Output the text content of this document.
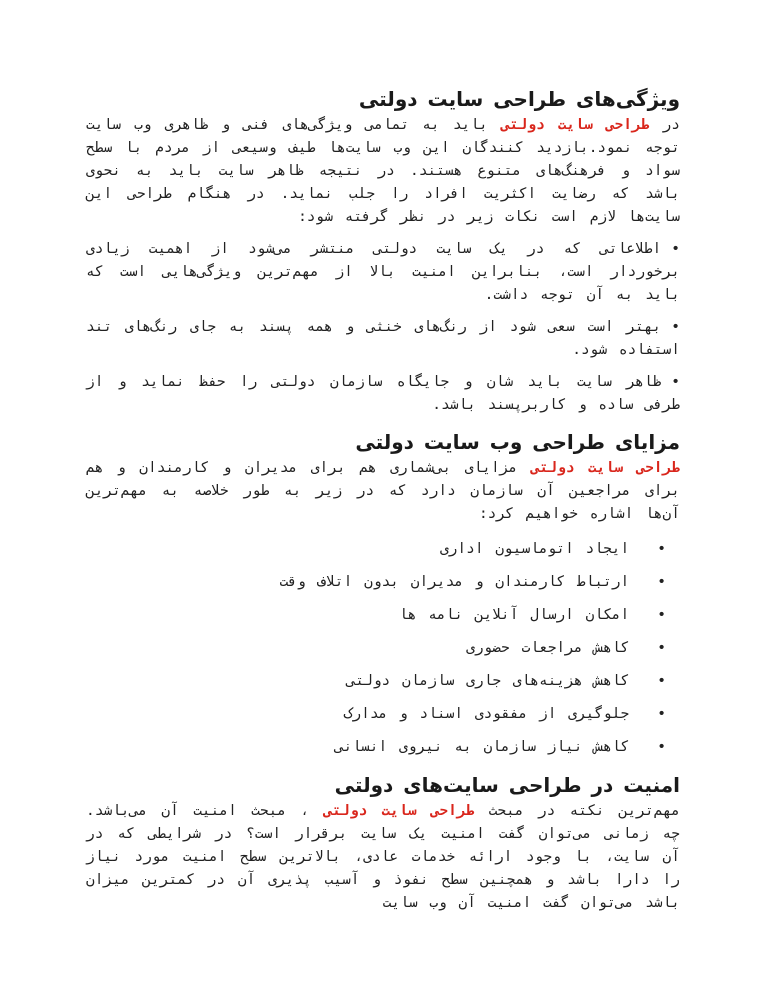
ویژگی‌های طراحی سایت دولتی

در طراحی سایت دولتی باید به تمامی ویژگی‌های فنی و ظاهری وب سایت توجه نمود.بازدید کنندگان این وب سایت‌ها طیف وسیعی از مردم با سطح سواد و فرهنگ‌های متنوع هستند. در نتیجه ظاهر سایت باید به نحوی باشد که رضایت اکثریت افراد را جلب نماید. در هنگام طراحی این سایت‌ها لازم است نکات زیر در نظر گرفته شود:

•اطلاعاتی که در یک سایت دولتی منتشر می‌شود از اهمیت زیادی برخوردار است، بنابراین امنیت بالا از مهم‌ترین ویژگی‌هایی است که باید به آن توجه داشت.

•بهتر است سعی شود از رنگ‌های خنثی و همه پسند به جای رنگ‌های تند استفاده شود.

•ظاهر سایت باید شان و جایگاه سازمان دولتی را حفظ نماید و از طرفی ساده و کاربرپسند باشد.

مزایای طراحی وب سایت دولتی

طراحی سایت دولتی مزایای بی‌شماری هم برای مدیران و کارمندان و هم برای مراجعین آن سازمان دارد که در زیر به طور خلاصه به مهم‌ترین آن‌ها اشاره خواهیم کرد:

•ایجاد اتوماسیون اداری
•ارتباط کارمندان و مدیران بدون اتلاف وقت
•امکان ارسال آنلاین نامه ها
•کاهش مراجعات حضوری
•کاهش هزینه‌های جاری سازمان دولتی
•جلوگیری از مفقودی اسناد و مدارک
•کاهش نیاز سازمان به نیروی انسانی
امنیت در طراحی سایت‌های دولتی

مهم‌ترین نکته در مبحث طراحی سایت دولتی ، مبحث امنیت آن می‌باشد. چه زمانی می‌توان گفت امنیت یک سایت برقرار است؟ در شرایطی که در آن سایت، با وجود ارائه خدمات عادی، بالاترین سطح امنیت مورد نیاز را دارا باشد و همچنین سطح نفوذ و آسیب پذیری آن در کمترین میزان باشد می‌توان گفت امنیت آن وب سایت
